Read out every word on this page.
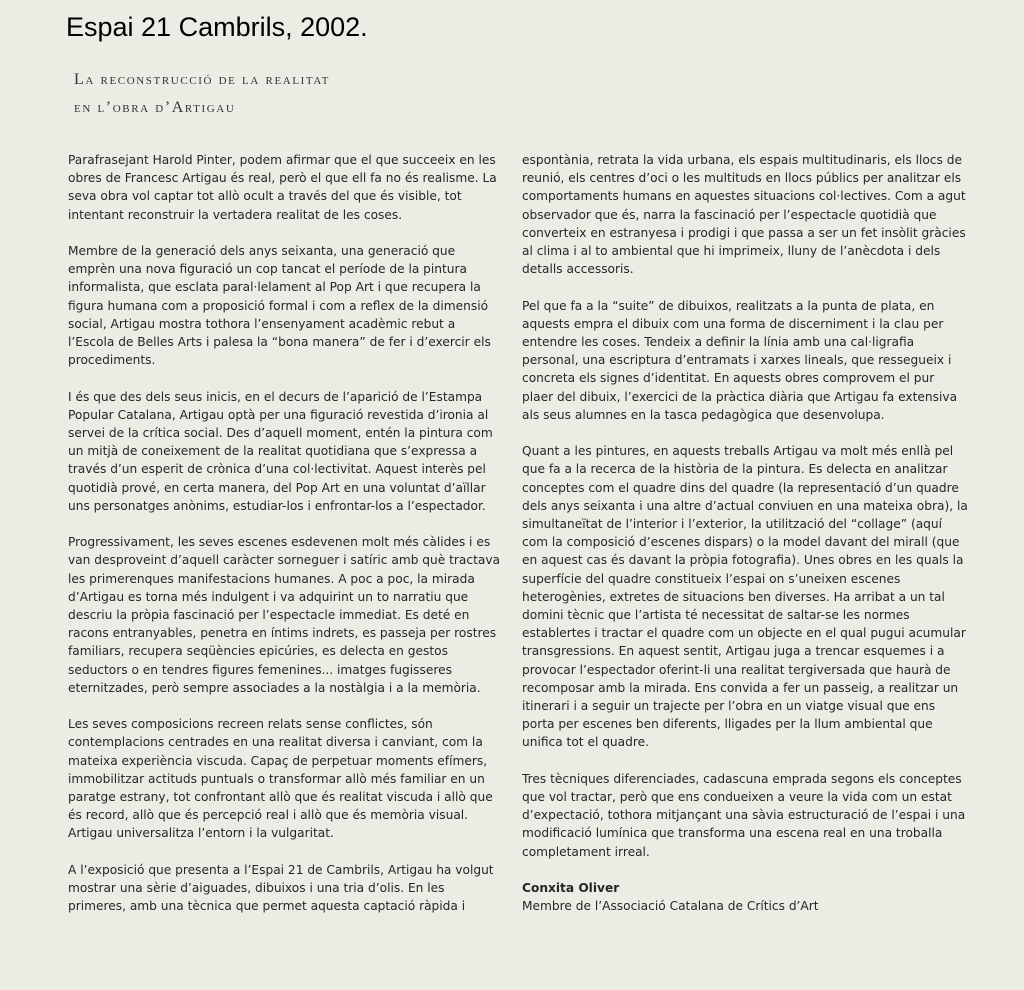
Espai 21 Cambrils, 2002.
La reconstrucció de la realitat
en l’obra d’Artigau

Parafrasejant Harold Pinter, podem afirmar que el que succeeix en les obres de Francesc Artigau és real, però el que ell fa no és realisme. La seva obra vol captar tot allò ocult a través del que és visible, tot intentant reconstruir la vertadera realitat de les coses.

Membre de la generació dels anys seixanta, una generació que emprèn una nova figuració un cop tancat el període de la pintura informalista, que esclata paral·lelament al Pop Art i que recupera la figura humana com a proposició formal i com a reflex de la dimensió social, Artigau mostra tothora l’ensenyament acadèmic rebut a l’Escola de Belles Arts i palesa la “bona manera” de fer i d’exercir els procediments.

I és que des dels seus inicis, en el decurs de l’aparició de l’Estampa Popular Catalana, Artigau optà per una figuració revestida d’ironia al servei de la crítica social. Des d’aquell moment, entén la pintura com un mitjà de coneixement de la realitat quotidiana que s’expressa a través d’un esperit de crònica d’una col·lectivitat. Aquest interès pel quotidià prové, en certa manera, del Pop Art en una voluntat d’aïllar uns personatges anònims, estudiar-los i enfrontar-los a l’espectador.

Progressivament, les seves escenes esdevenen molt més càlides i es van desproveint d’aquell caràcter sorneguer i satíric amb què tractava les primerenques manifestacions humanes. A poc a poc, la mirada d’Artigau es torna més indulgent i va adquirint un to narratiu que descriu la pròpia fascinació per l’espectacle immediat. Es deté en racons entranyables, penetra en íntims indrets, es passeja per rostres familiars, recupera seqüències epicúries, es delecta en gestos seductors o en tendres figures femenines... imatges fugisseres eternitzades, però sempre associades a la nostàlgia i a la memòria.

Les seves composicions recreen relats sense conflictes, són contemplacions centrades en una realitat diversa i canviant, com la mateixa experiència viscuda. Capaç de perpetuar moments efímers, immobilitzar actituds puntuals o transformar allò més familiar en un paratge estrany, tot confrontant allò que és realitat viscuda i allò que és record, allò que és percepció real i allò que és memòria visual. Artigau universalitza l’entorn i la vulgaritat.

A l’exposició que presenta a l’Espai 21 de Cambrils, Artigau ha volgut mostrar una sèrie d’aiguades, dibuixos i una tria d’olis. En les primeres, amb una tècnica que permet aquesta captació ràpida i

espontània, retrata la vida urbana, els espais multitudinaris, els llocs de reunió, els centres d’oci o les multituds en llocs públics per analitzar els comportaments humans en aquestes situacions col·lectives. Com a agut observador que és, narra la fascinació per l’espectacle quotidià que converteix en estranyesa i prodigi i que passa a ser un fet insòlit gràcies al clima i al to ambiental que hi imprimeix, lluny de l’anècdota i dels detalls accessoris.

Pel que fa a la “suite” de dibuixos, realitzats a la punta de plata, en aquests empra el dibuix com una forma de discerniment i la clau per entendre les coses. Tendeix a definir la línia amb una cal·ligrafia personal, una escriptura d’entramats i xarxes lineals, que ressegueix i concreta els signes d’identitat. En aquests obres comprovem el pur plaer del dibuix, l’exercici de la pràctica diària que Artigau fa extensiva als seus alumnes en la tasca pedagògica que desenvolupa.

Quant a les pintures, en aquests treballs Artigau va molt més enllà pel que fa a la recerca de la història de la pintura. Es delecta en analitzar conceptes com el quadre dins del quadre (la representació d’un quadre dels anys seixanta i una altre d’actual conviuen en una mateixa obra), la simultaneïtat de l’interior i l’exterior, la utilització del “collage” (aquí com la composició d’escenes dispars) o la model davant del mirall (que en aquest cas és davant la pròpia fotografia). Unes obres en les quals la superfície del quadre constitueix l’espai on s’uneixen escenes heterogènies, extretes de situacions ben diverses. Ha arribat a un tal domini tècnic que l’artista té necessitat de saltar-se les normes establertes i tractar el quadre com un objecte en el qual pugui acumular transgressions. En aquest sentit, Artigau juga a trencar esquemes i a provocar l’espectador oferint-li una realitat tergiversada que haurà de recomposar amb la mirada. Ens convida a fer un passeig, a realitzar un itinerari i a seguir un trajecte per l’obra en un viatge visual que ens porta per escenes ben diferents, lligades per la llum ambiental que unifica tot el quadre.

Tres tècniques diferenciades, cadascuna emprada segons els conceptes que vol tractar, però que ens condueixen a veure la vida com un estat d’expectació, tothora mitjançant una sàvia estructuració de l’espai i una modificació lumínica que transforma una escena real en una troballa completament irreal.

Conxita Oliver
Membre de l’Associació Catalana de Crítics d’Art
